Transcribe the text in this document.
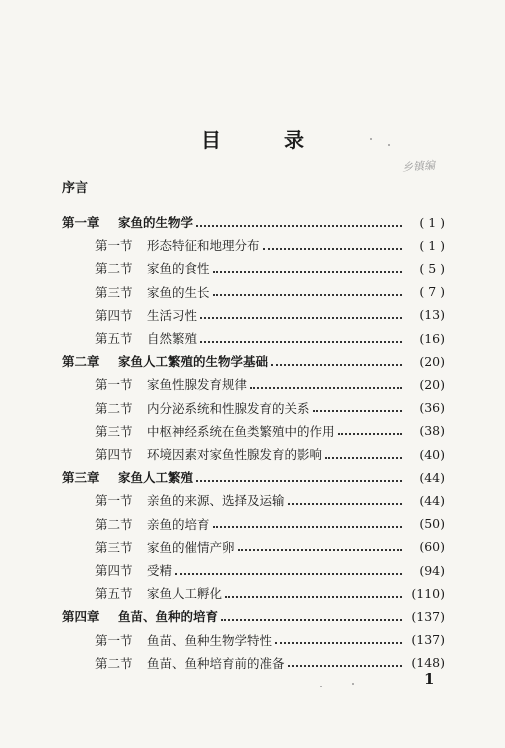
目 录
乡镇编
序言
第一章	家鱼的生物学	( 1 )
第一节	形态特征和地理分布	( 1 )
第二节	家鱼的食性	( 5 )
第三节	家鱼的生长	( 7 )
第四节	生活习性	(13)
第五节	自然繁殖	(16)
第二章	家鱼人工繁殖的生物学基础	(20)
第一节	家鱼性腺发育规律	(20)
第二节	内分泌系统和性腺发育的关系	(36)
第三节	中枢神经系统在鱼类繁殖中的作用	(38)
第四节	环境因素对家鱼性腺发育的影响	(40)
第三章	家鱼人工繁殖	(44)
第一节	亲鱼的来源、选择及运输	(44)
第二节	亲鱼的培育	(50)
第三节	家鱼的催情产卵	(60)
第四节	受精	(94)
第五节	家鱼人工孵化	(110)
第四章	鱼苗、鱼种的培育	(137)
第一节	鱼苗、鱼种生物学特性	(137)
第二节	鱼苗、鱼种培育前的准备	(148)
1
